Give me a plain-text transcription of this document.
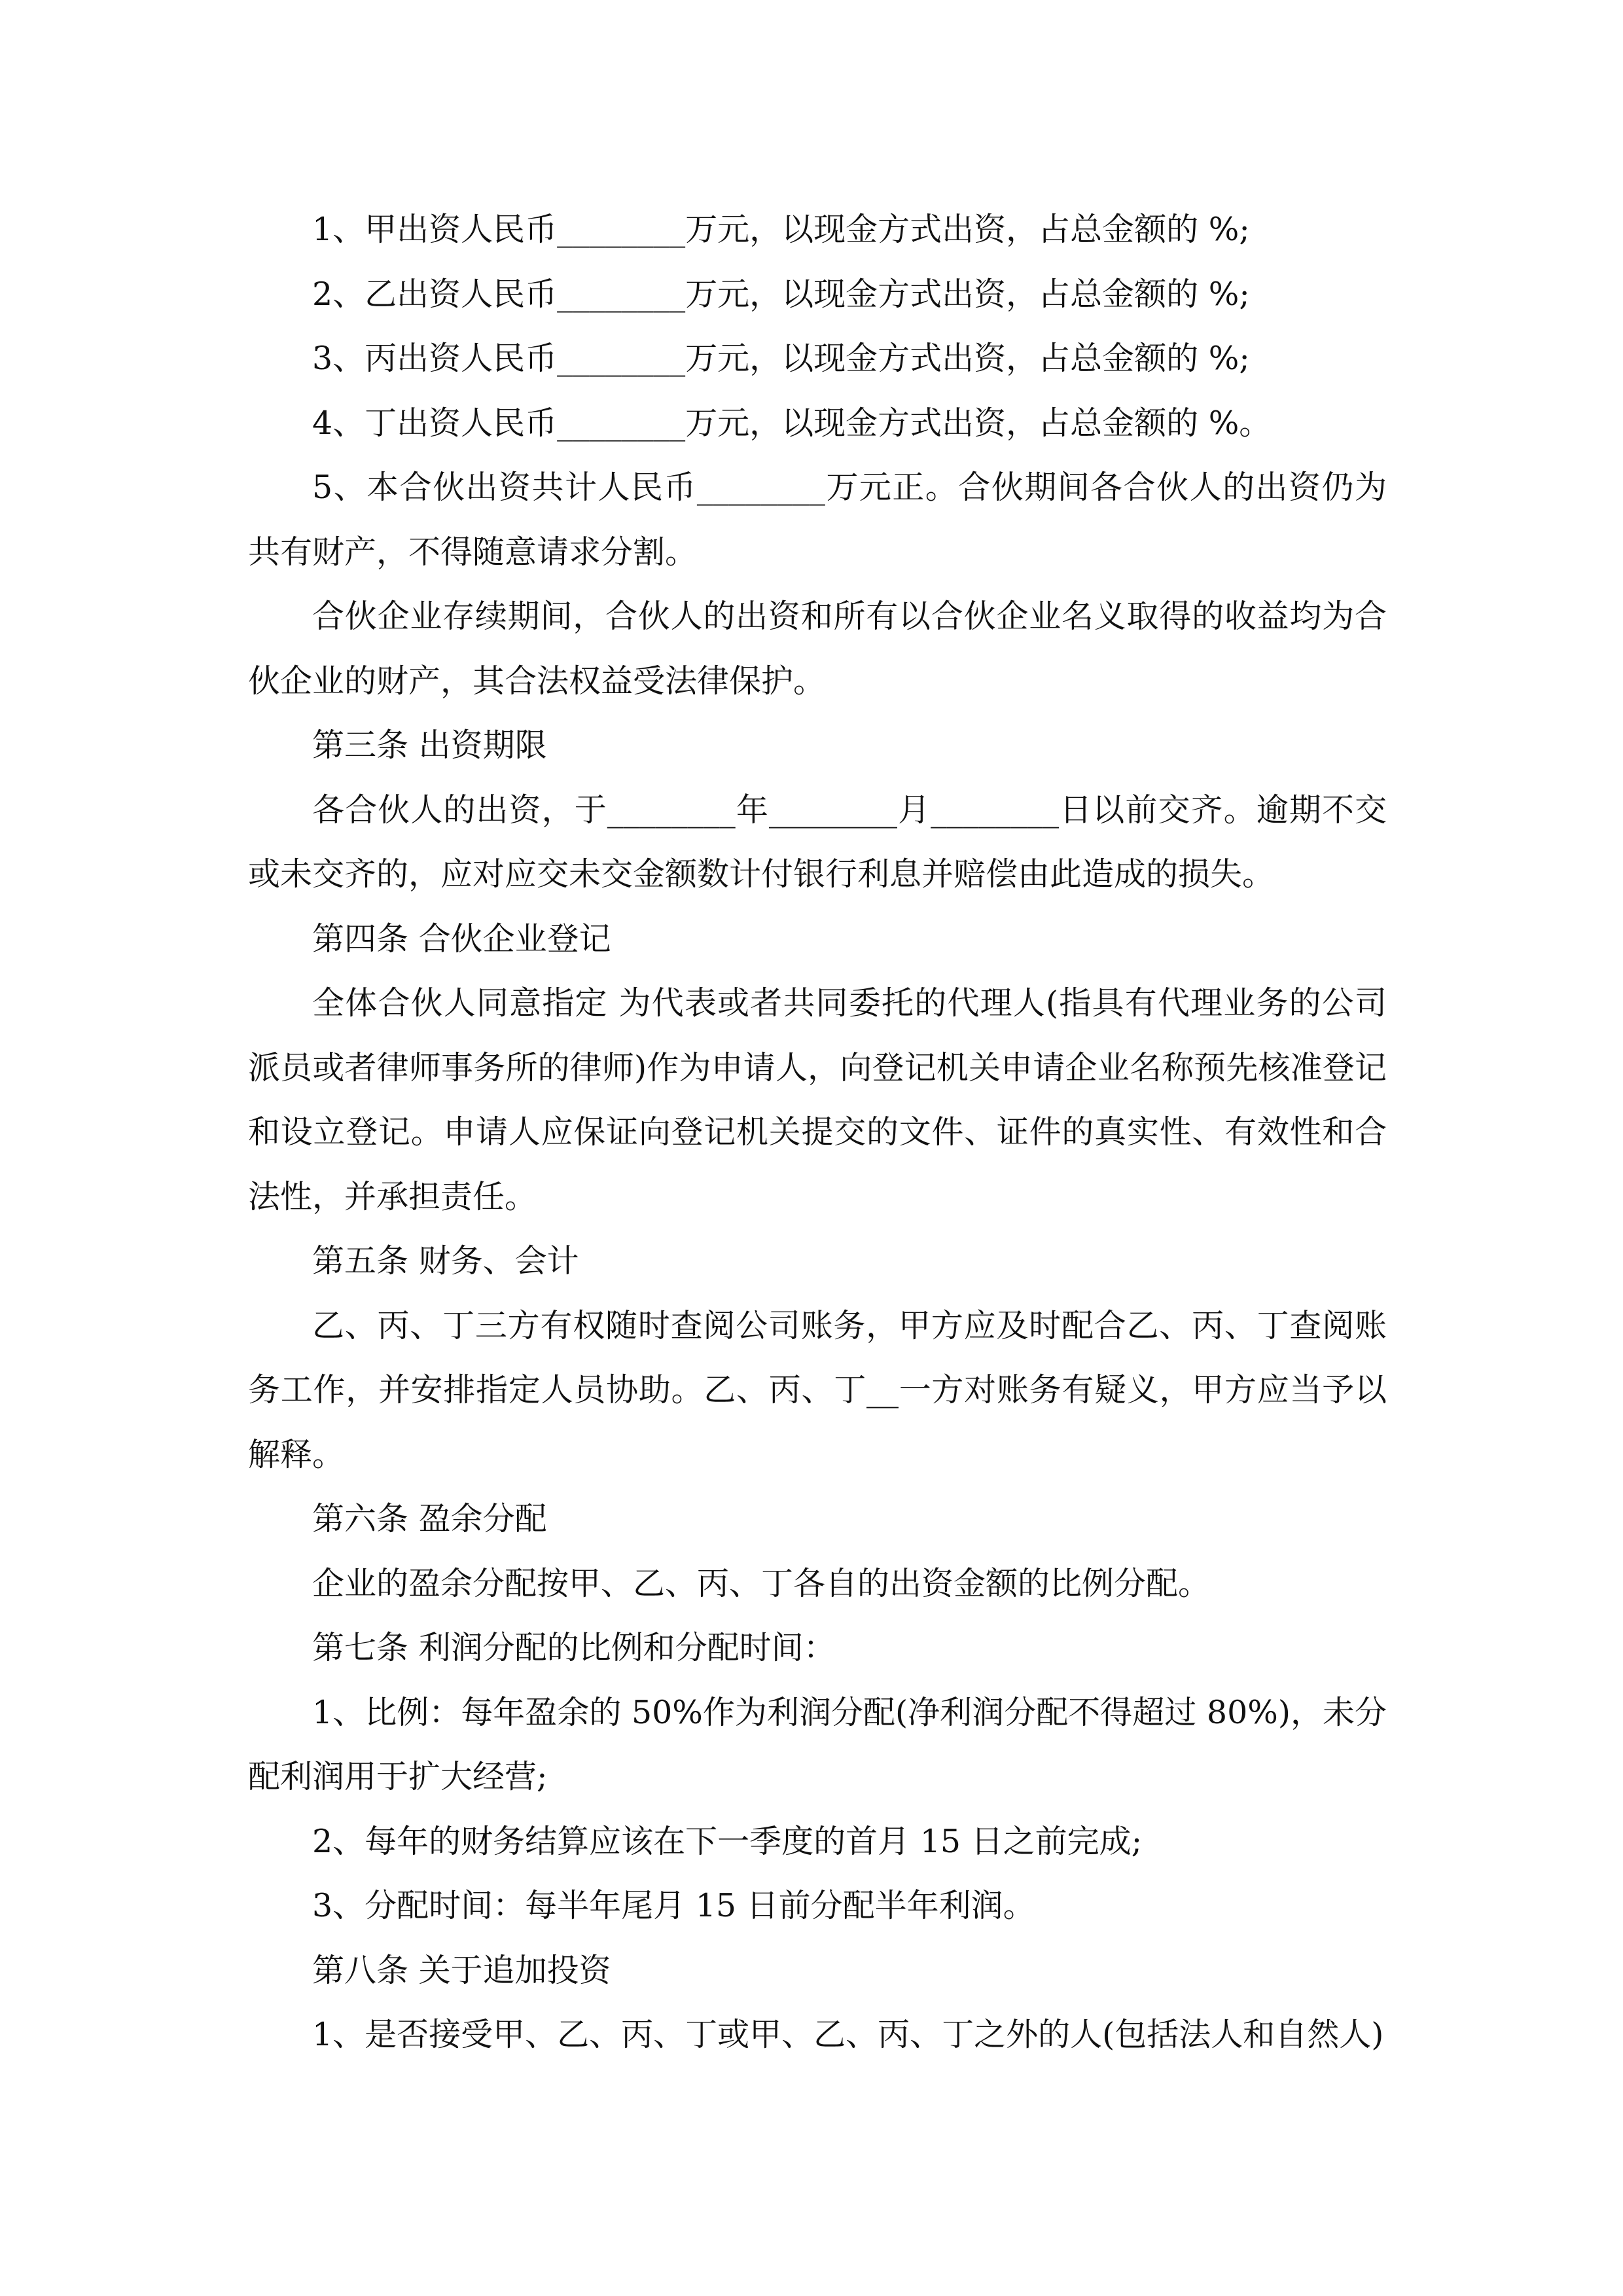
1、甲出资人民币________万元，以现金方式出资，占总金额的 %;

2、乙出资人民币________万元，以现金方式出资，占总金额的 %;

3、丙出资人民币________万元，以现金方式出资，占总金额的 %;

4、丁出资人民币________万元，以现金方式出资，占总金额的 %。

5、本合伙出资共计人民币________万元正。合伙期间各合伙人的出资仍为共有财产，不得随意请求分割。

合伙企业存续期间，合伙人的出资和所有以合伙企业名义取得的收益均为合伙企业的财产，其合法权益受法律保护。

第三条 出资期限

各合伙人的出资，于________年________月________日以前交齐。逾期不交或未交齐的，应对应交未交金额数计付银行利息并赔偿由此造成的损失。

第四条 合伙企业登记

全体合伙人同意指定 为代表或者共同委托的代理人(指具有代理业务的公司派员或者律师事务所的律师)作为申请人，向登记机关申请企业名称预先核准登记和设立登记。申请人应保证向登记机关提交的文件、证件的真实性、有效性和合法性，并承担责任。

第五条 财务、会计

乙、丙、丁三方有权随时查阅公司账务，甲方应及时配合乙、丙、丁查阅账务工作，并安排指定人员协助。乙、丙、丁__一方对账务有疑义，甲方应当予以解释。

第六条 盈余分配

企业的盈余分配按甲、乙、丙、丁各自的出资金额的比例分配。

第七条 利润分配的比例和分配时间：

1、比例：每年盈余的 50%作为利润分配(净利润分配不得超过 80%)，未分配利润用于扩大经营;

2、每年的财务结算应该在下一季度的首月 15 日之前完成;

3、分配时间：每半年尾月 15 日前分配半年利润。

第八条 关于追加投资

1、是否接受甲、乙、丙、丁或甲、乙、丙、丁之外的人(包括法人和自然人)
